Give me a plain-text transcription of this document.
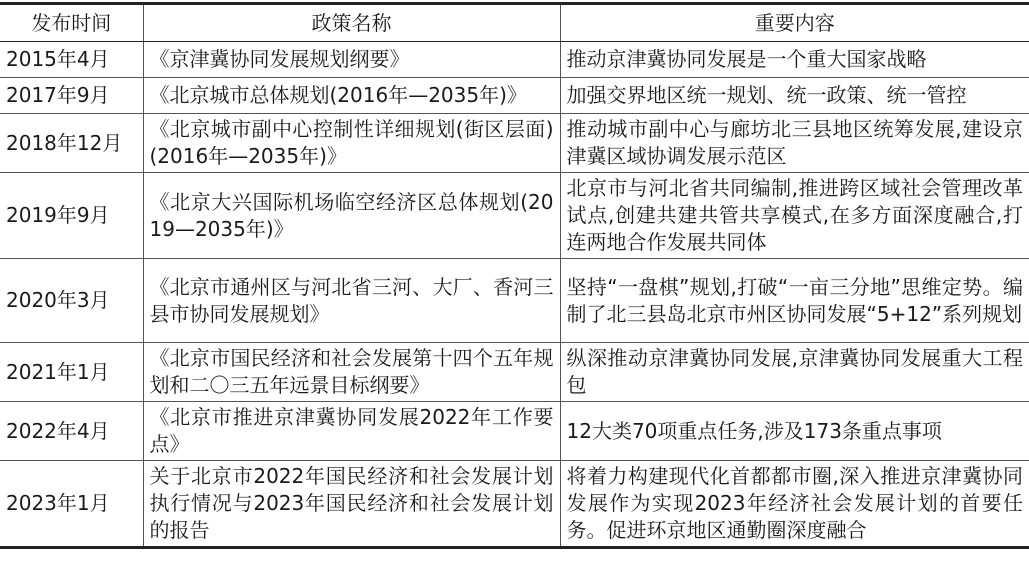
发布时间	政策名称	重要内容
2015年4月	《京津冀协同发展规划纲要》	推动京津冀协同发展是一个重大国家战略
2017年9月	《北京城市总体规划(2016年—2035年)》	加强交界地区统一规划、统一政策、统一管控
2018年12月	《北京城市副中心控制性详细规划(街区层面)(2016年—2035年)》	推动城市副中心与廊坊北三县地区统筹发展,建设京津冀区域协调发展示范区
2019年9月	《北京大兴国际机场临空经济区总体规划(2019—2035年)》	北京市与河北省共同编制,推进跨区域社会管理改革试点,创建共建共管共享模式,在多方面深度融合,打连两地合作发展共同体
2020年3月	《北京市通州区与河北省三河、大厂、香河三县市协同发展规划》	坚持“一盘棋”规划,打破“一亩三分地”思维定势。编制了北三县岛北京市州区协同发展“5+12”系列规划
2021年1月	《北京市国民经济和社会发展第十四个五年规划和二〇三五年远景目标纲要》	纵深推动京津冀协同发展,京津冀协同发展重大工程包
2022年4月	《北京市推进京津冀协同发展2022年工作要点》	12大类70项重点任务,涉及173条重点事项
2023年1月	关于北京市2022年国民经济和社会发展计划执行情况与2023年国民经济和社会发展计划的报告	将着力构建现代化首都都市圈,深入推进京津冀协同发展作为实现2023年经济社会发展计划的首要任务。促进环京地区通勤圈深度融合
